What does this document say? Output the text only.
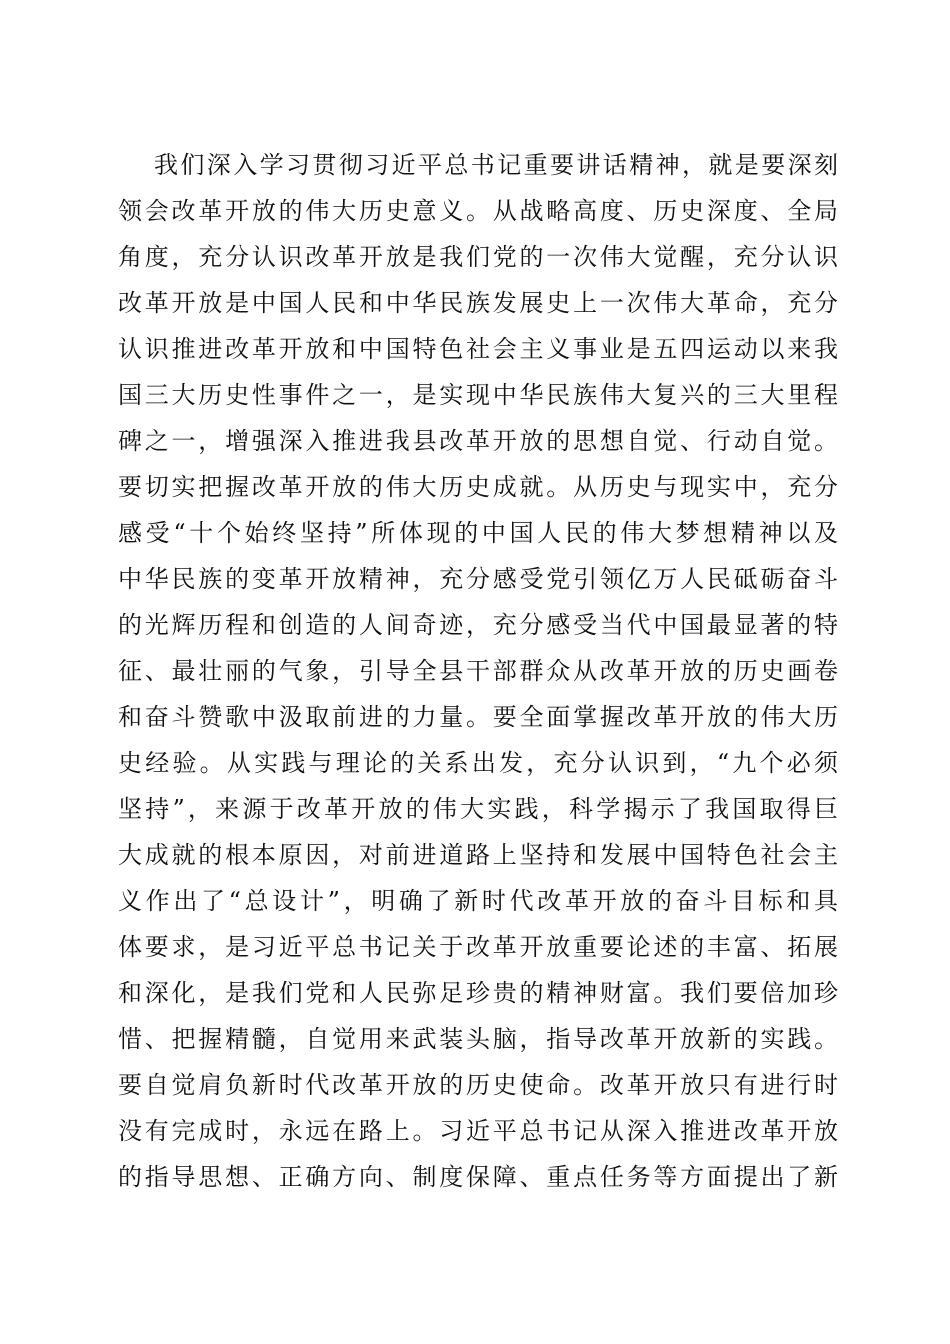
我们深入学习贯彻习近平总书记重要讲话精神，就是要深刻
领会改革开放的伟大历史意义。从战略高度、历史深度、全局
角度，充分认识改革开放是我们党的一次伟大觉醒，充分认识
改革开放是中国人民和中华民族发展史上一次伟大革命，充分
认识推进改革开放和中国特色社会主义事业是五四运动以来我
国三大历史性事件之一，是实现中华民族伟大复兴的三大里程
碑之一，增强深入推进我县改革开放的思想自觉、行动自觉。
要切实把握改革开放的伟大历史成就。从历史与现实中，充分
感受“十个始终坚持”所体现的中国人民的伟大梦想精神以及
中华民族的变革开放精神，充分感受党引领亿万人民砥砺奋斗
的光辉历程和创造的人间奇迹，充分感受当代中国最显著的特
征、最壮丽的气象，引导全县干部群众从改革开放的历史画卷
和奋斗赞歌中汲取前进的力量。要全面掌握改革开放的伟大历
史经验。从实践与理论的关系出发，充分认识到，“九个必须
坚持”，来源于改革开放的伟大实践，科学揭示了我国取得巨
大成就的根本原因，对前进道路上坚持和发展中国特色社会主
义作出了“总设计”，明确了新时代改革开放的奋斗目标和具
体要求，是习近平总书记关于改革开放重要论述的丰富、拓展
和深化，是我们党和人民弥足珍贵的精神财富。我们要倍加珍
惜、把握精髓，自觉用来武装头脑，指导改革开放新的实践。
要自觉肩负新时代改革开放的历史使命。改革开放只有进行时
没有完成时，永远在路上。习近平总书记从深入推进改革开放
的指导思想、正确方向、制度保障、重点任务等方面提出了新
